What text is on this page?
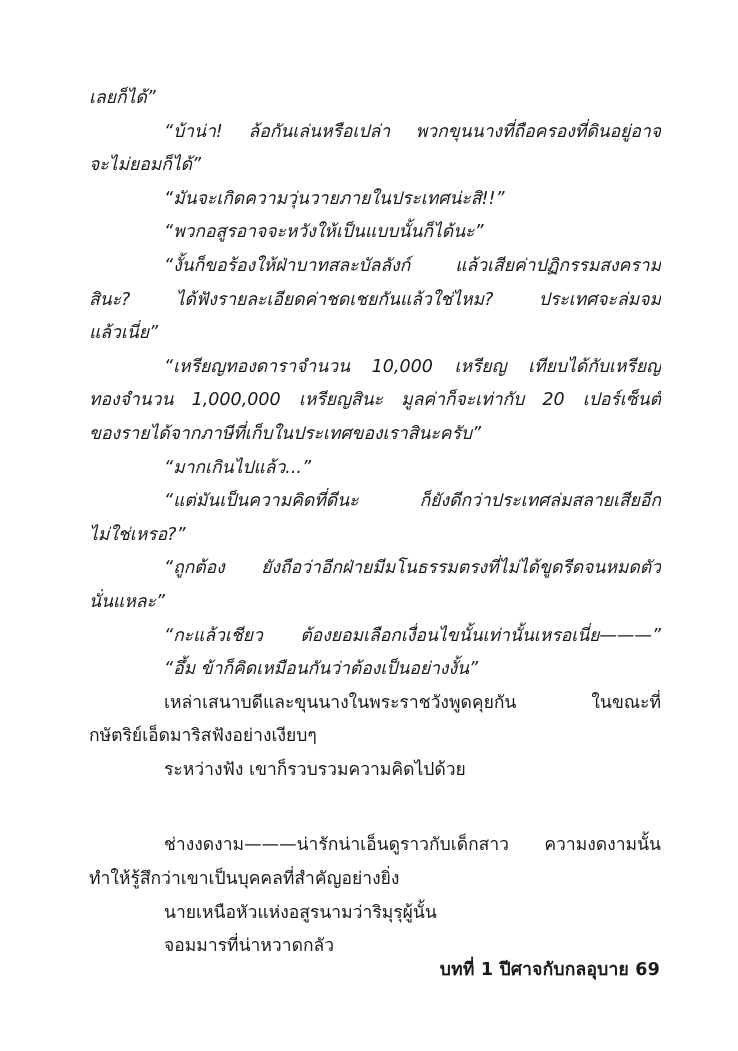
เลยก็ได้”
“บ้าน่า! ล้อกันเล่นหรือเปล่า พวกขุนนางที่ถือครองที่ดินอยู่อาจ
จะไม่ยอมก็ได้”
“มันจะเกิดความวุ่นวายภายในประเทศน่ะสิ!!”
“พวกอสูรอาจจะหวังให้เป็นแบบนั้นก็ได้นะ”
“งั้นก็ขอร้องให้ฝ่าบาทสละบัลลังก์ แล้วเสียค่าปฏิกรรมสงคราม
สินะ? ได้ฟังรายละเอียดค่าชดเชยกันแล้วใช่ไหม? ประเทศจะล่มจม
แล้วเนี่ย”
“เหรียญทองดาราจำนวน 10,000 เหรียญ เทียบได้กับเหรียญ
ทองจำนวน 1,000,000 เหรียญสินะ มูลค่าก็จะเท่ากับ 20 เปอร์เซ็นต์
ของรายได้จากภาษีที่เก็บในประเทศของเราสินะครับ”
“มากเกินไปแล้ว...”
“แต่มันเป็นความคิดที่ดีนะ ก็ยังดีกว่าประเทศล่มสลายเสียอีก
ไม่ใช่เหรอ?”
“ถูกต้อง ยังถือว่าอีกฝ่ายมีมโนธรรมตรงที่ไม่ได้ขูดรีดจนหมดตัว
นั่นแหละ”
“กะแล้วเชียว ต้องยอมเลือกเงื่อนไขนั้นเท่านั้นเหรอเนี่ย———”
“อึ้ม ข้าก็คิดเหมือนกันว่าต้องเป็นอย่างงั้น”
เหล่าเสนาบดีและขุนนางในพระราชวังพูดคุยกัน ในขณะที่
กษัตริย์เอ็ดมาริสฟังอย่างเงียบๆ
ระหว่างฟัง เขาก็รวบรวมความคิดไปด้วย
ช่างงดงาม———น่ารักน่าเอ็นดูราวกับเด็กสาว ความงดงามนั้น
ทำให้รู้สึกว่าเขาเป็นบุคคลที่สำคัญอย่างยิ่ง
นายเหนือหัวแห่งอสูรนามว่าริมุรุผู้นั้น
จอมมารที่น่าหวาดกลัว
บทที่ 1 ปีศาจกับกลอุบาย 69
